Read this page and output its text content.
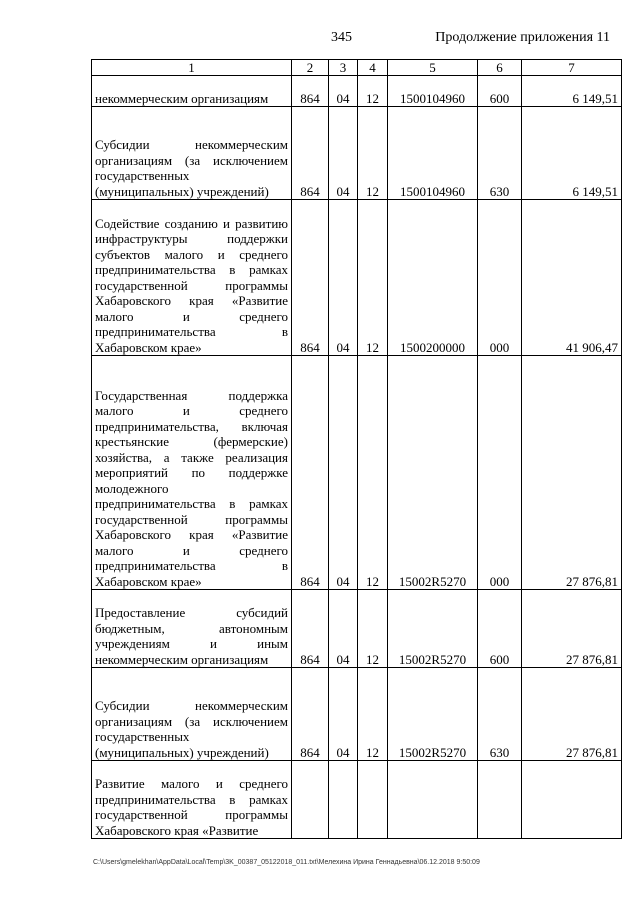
345	Продолжение приложения 11
1	2	3	4	5	6	7
некоммерческим организациям	864	04	12	1500104960	600	6 149,51
Субсидии некоммерческим организациям (за исключением государственных (муниципальных) учреждений)	864	04	12	1500104960	630	6 149,51
Содействие созданию и развитию инфраструктуры поддержки субъектов малого и среднего предпринимательства в рамках государственной программы Хабаровского края «Развитие малого и среднего предпринимательства в Хабаровском крае»	864	04	12	1500200000	000	41 906,47
Государственная поддержка малого и среднего предпринимательства, включая крестьянские (фермерские) хозяйства, а также реализация мероприятий по поддержке молодежного предпринимательства в рамках государственной программы Хабаровского края «Развитие малого и среднего предпринимательства в Хабаровском крае»	864	04	12	15002R5270	000	27 876,81
Предоставление субсидий бюджетным, автономным учреждениям и иным некоммерческим организациям	864	04	12	15002R5270	600	27 876,81
Субсидии некоммерческим организациям (за исключением государственных (муниципальных) учреждений)	864	04	12	15002R5270	630	27 876,81
Развитие малого и среднего предпринимательства в рамках государственной программы Хабаровского края «Развитие						
C:\Users\gmelekhan\AppData\Local\Temp\3K_00387_05122018_011.txt\Мелехина Ирина Геннадьевна\06.12.2018 9:50:09
